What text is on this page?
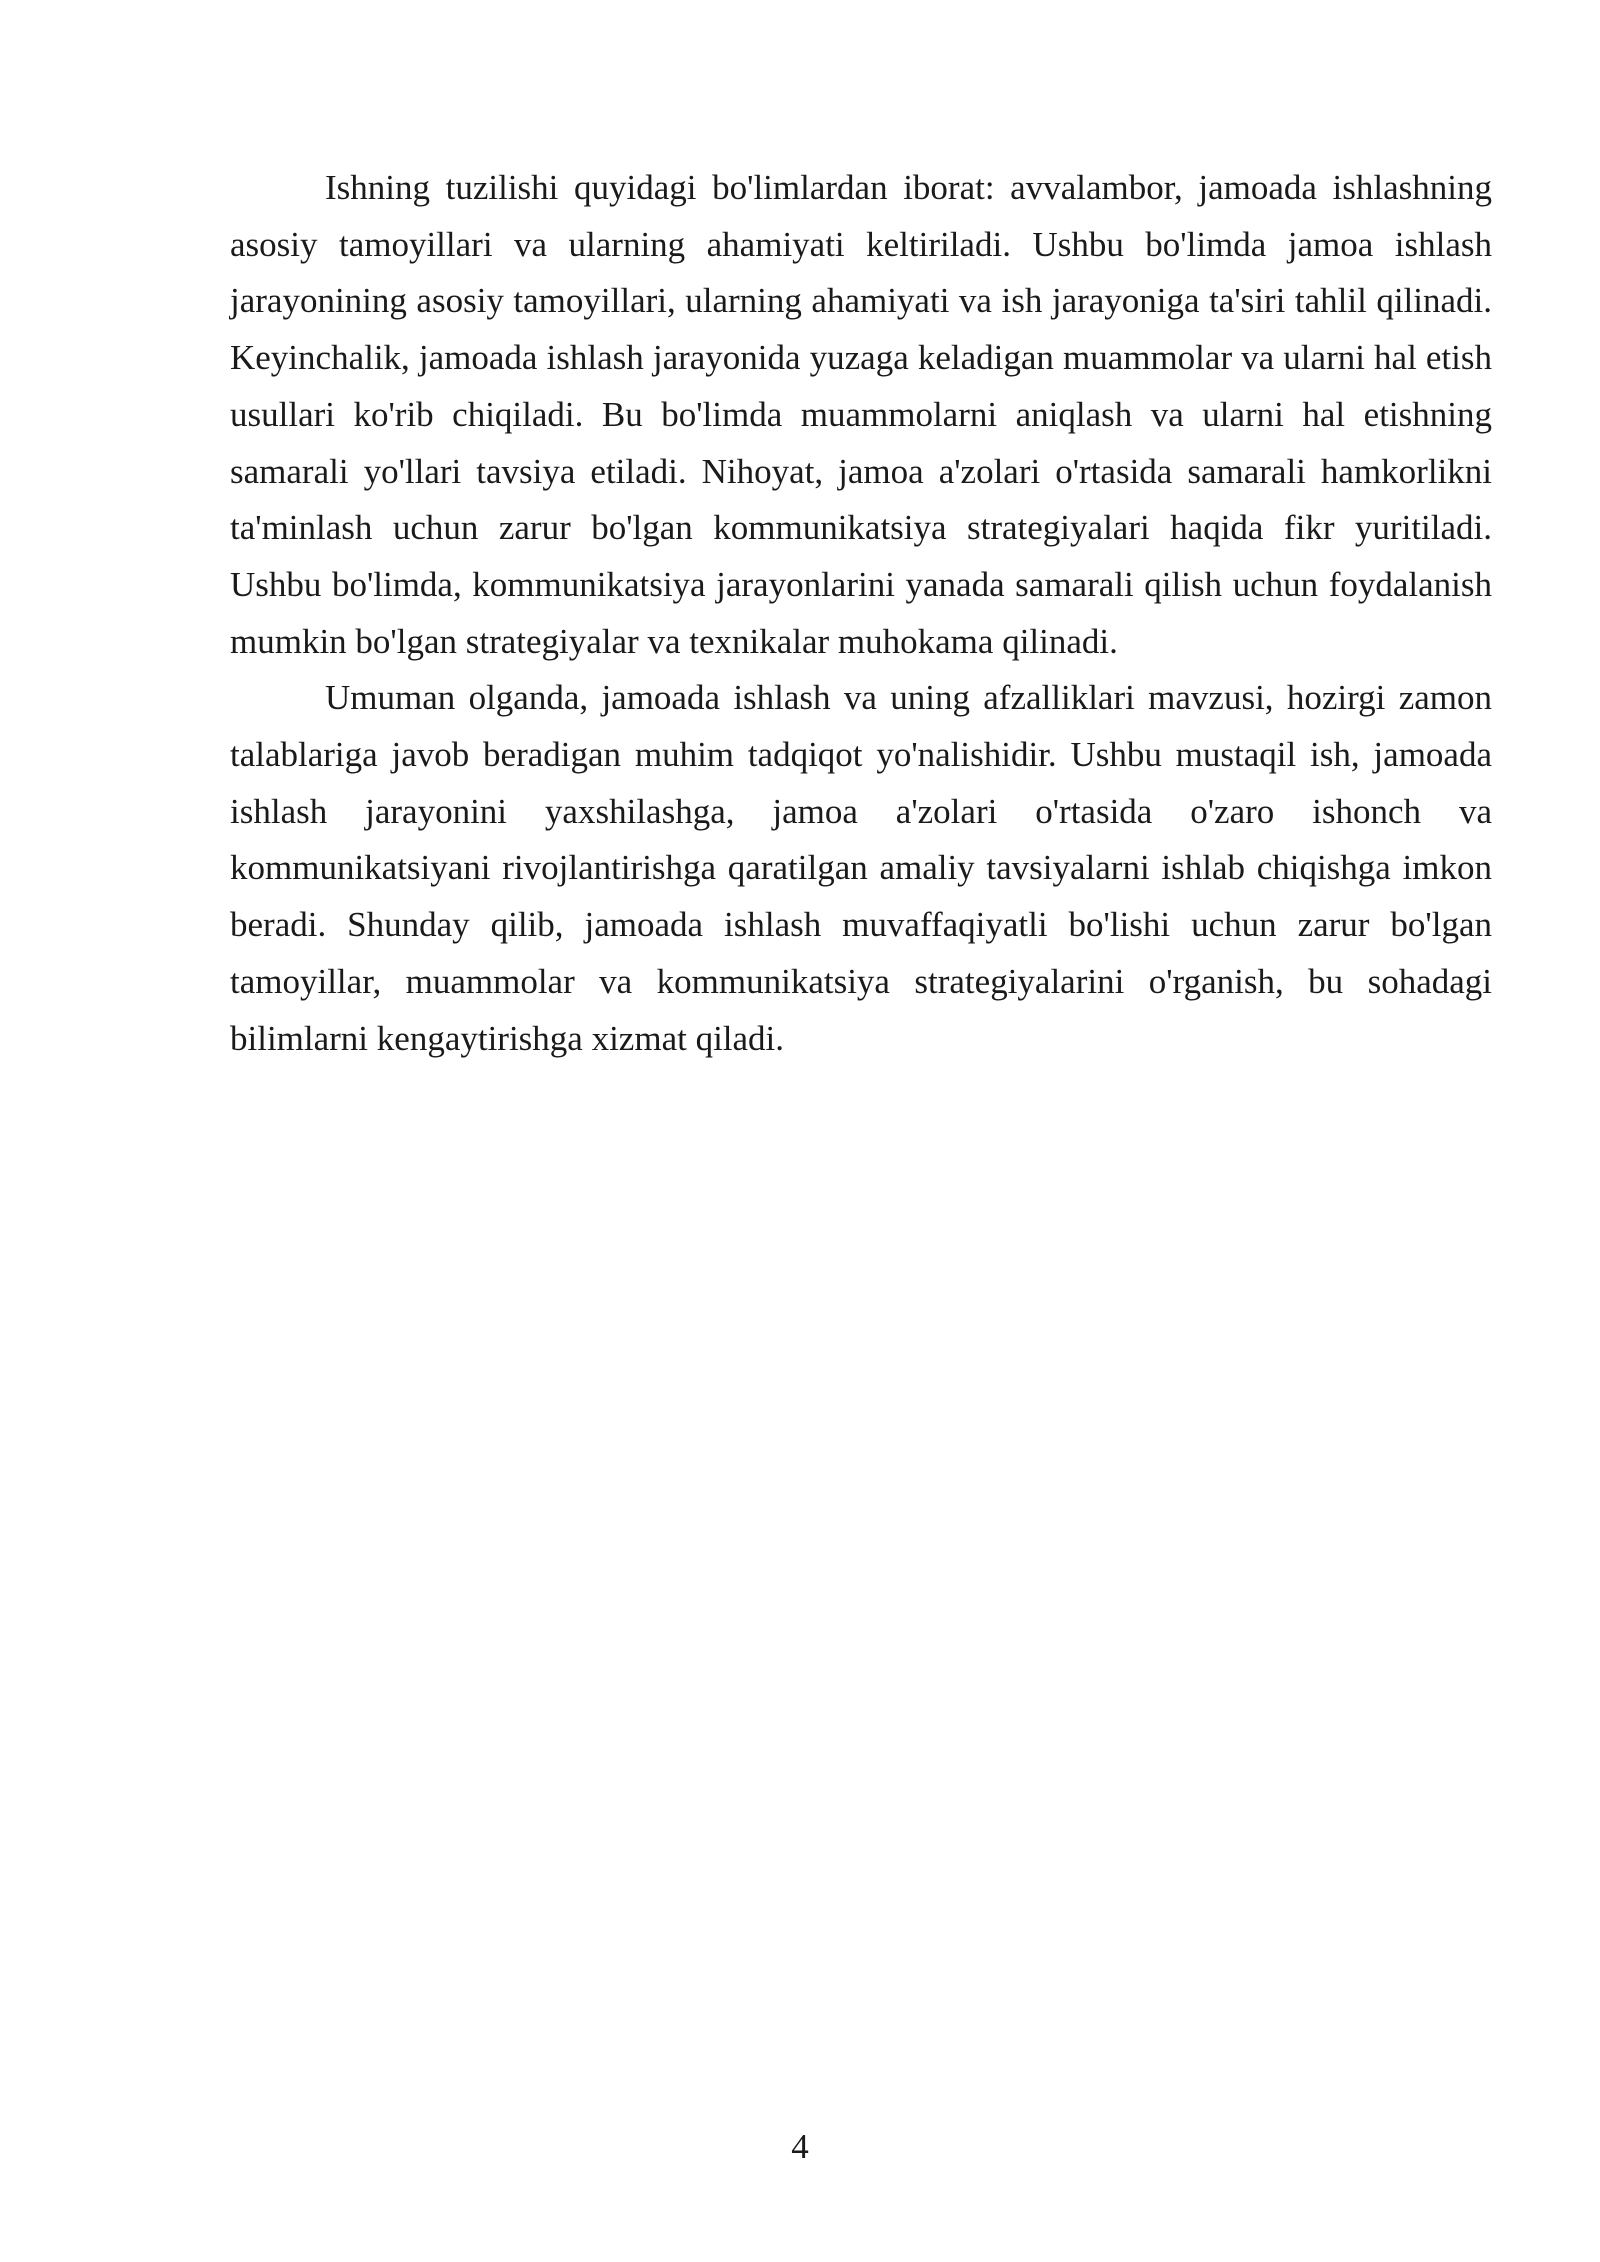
Ishning tuzilishi quyidagi bo'limlardan iborat: avvalambor, jamoada ishlashning asosiy tamoyillari va ularning ahamiyati keltiriladi. Ushbu bo'limda jamoa ishlash jarayonining asosiy tamoyillari, ularning ahamiyati va ish jarayoniga ta'siri tahlil qilinadi. Keyinchalik, jamoada ishlash jarayonida yuzaga keladigan muammolar va ularni hal etish usullari ko'rib chiqiladi. Bu bo'limda muammolarni aniqlash va ularni hal etishning samarali yo'llari tavsiya etiladi. Nihoyat, jamoa a'zolari o'rtasida samarali hamkorlikni ta'minlash uchun zarur bo'lgan kommunikatsiya strategiyalari haqida fikr yuritiladi. Ushbu bo'limda, kommunikatsiya jarayonlarini yanada samarali qilish uchun foydalanish mumkin bo'lgan strategiyalar va texnikalar muhokama qilinadi.

Umuman olganda, jamoada ishlash va uning afzalliklari mavzusi, hozirgi zamon talablariga javob beradigan muhim tadqiqot yo'nalishidir. Ushbu mustaqil ish, jamoada ishlash jarayonini yaxshilashga, jamoa a'zolari o'rtasida o'zaro ishonch va kommunikatsiyani rivojlantirishga qaratilgan amaliy tavsiyalarni ishlab chiqishga imkon beradi. Shunday qilib, jamoada ishlash muvaffaqiyatli bo'lishi uchun zarur bo'lgan tamoyillar, muammolar va kommunikatsiya strategiyalarini o'rganish, bu sohadagi bilimlarni kengaytirishga xizmat qiladi.

4
